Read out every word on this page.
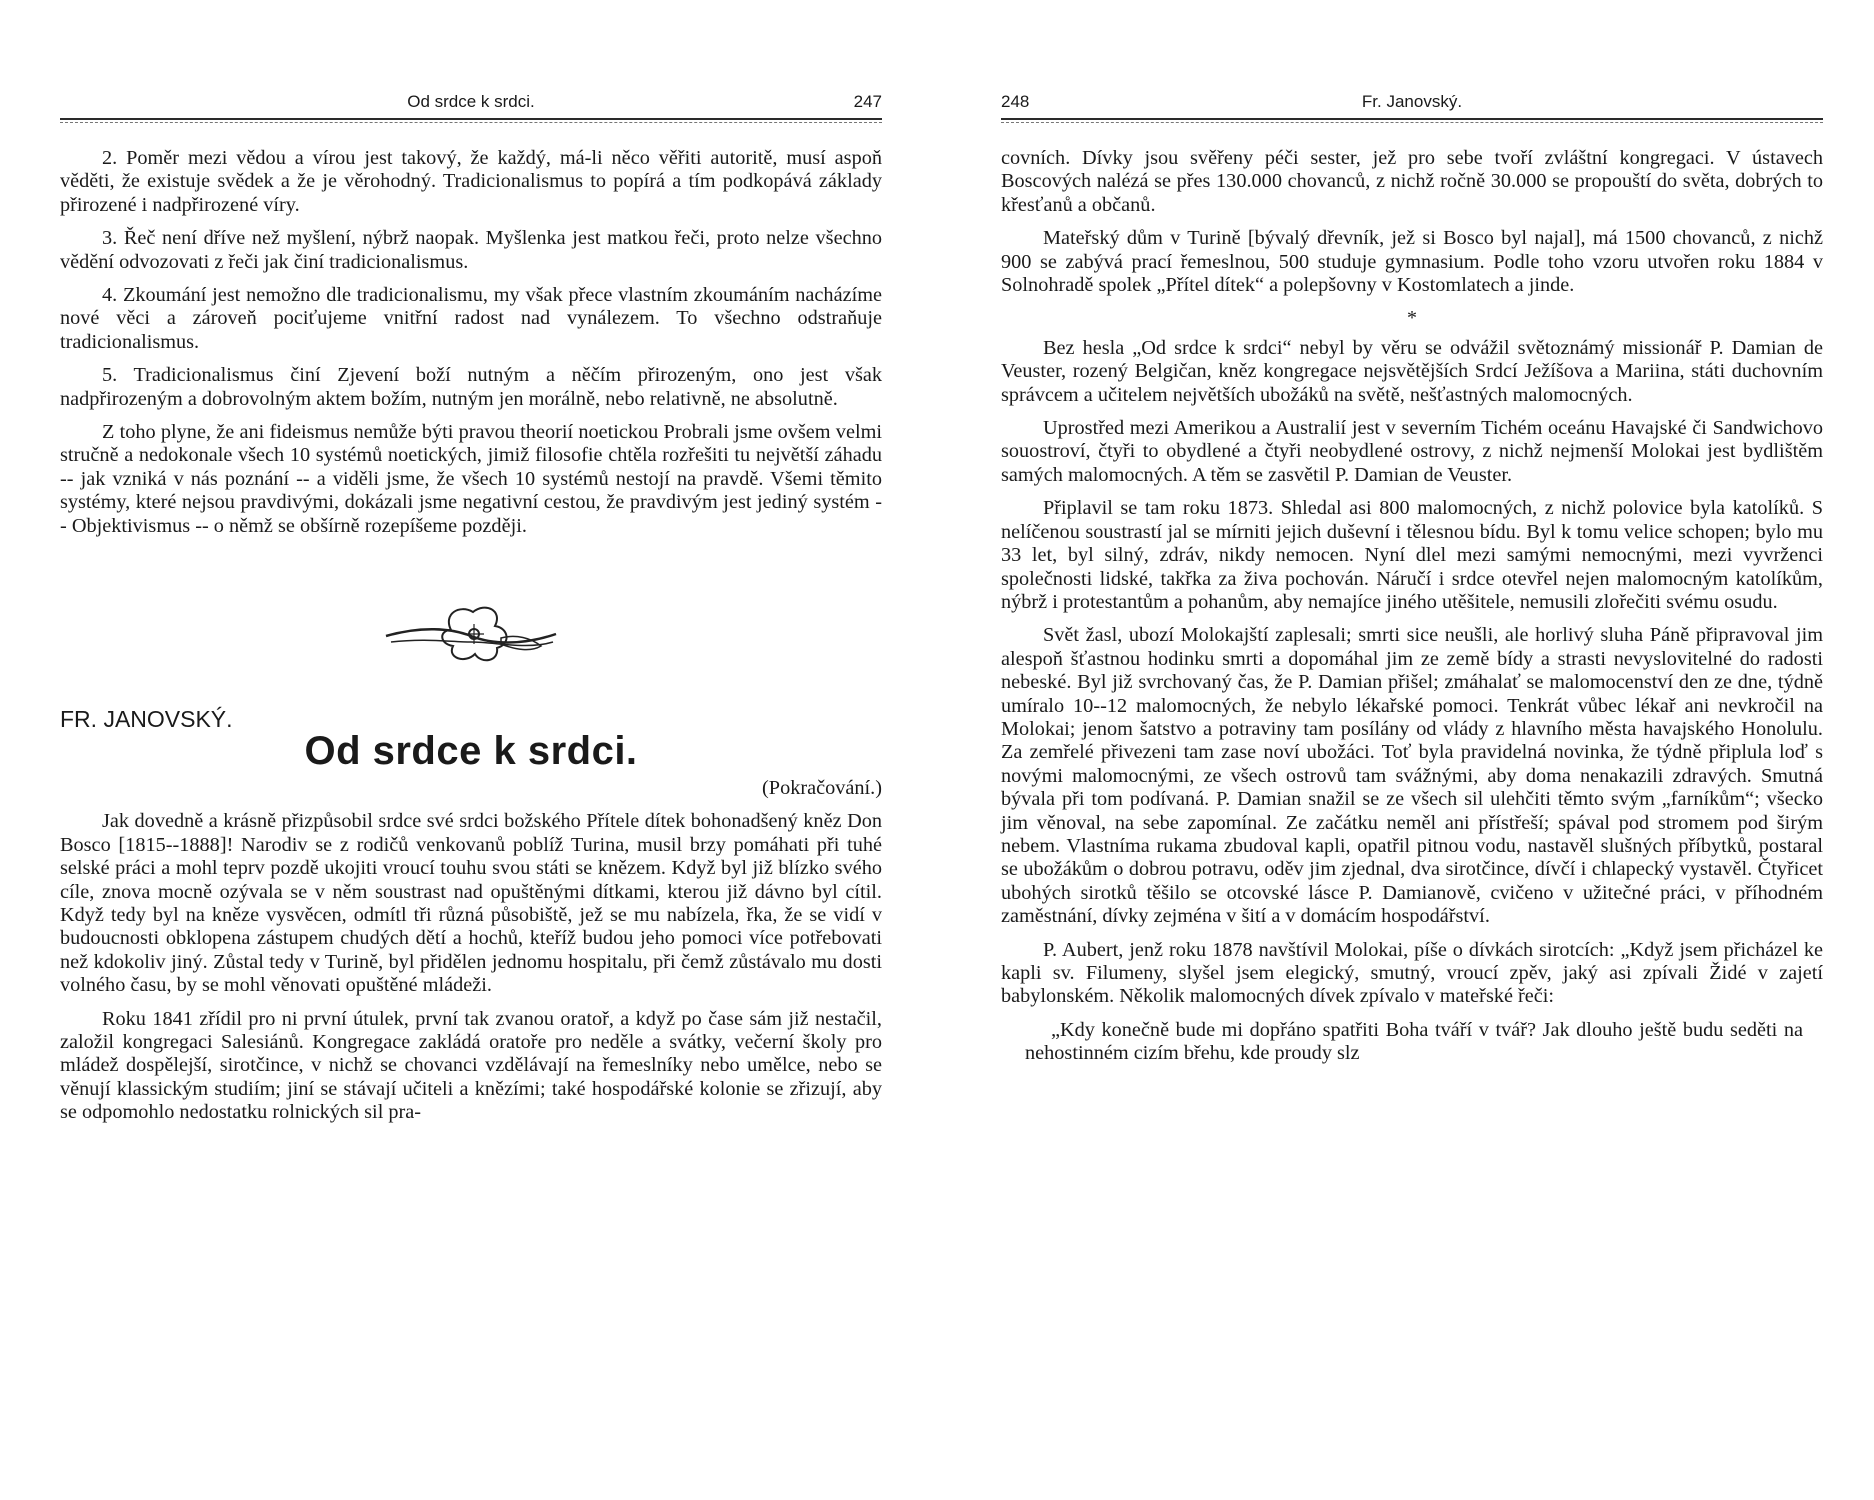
Od srdce k srdci.	247

2. Poměr mezi vědou a vírou jest takový, že každý, má-li něco věřiti autoritě, musí aspoň věděti, že existuje svědek a že je věrohodný. Tradicionalismus to popírá a tím podkopává základy přirozené i nadpřirozené víry.

3. Řeč není dříve než myšlení, nýbrž naopak. Myšlenka jest matkou řeči, proto nelze všechno vědění odvozovati z řeči jak činí tradicionalismus.

4. Zkoumání jest nemožno dle tradicionalismu, my však přece vlastním zkoumáním nacházíme nové věci a zároveň pociťujeme vnitřní radost nad vynálezem. To všechno odstraňuje tradicionalismus.

5. Tradicionalismus činí Zjevení boží nutným a něčím přirozeným, ono jest však nadpřirozeným a dobrovolným aktem božím, nutným jen morálně, nebo relativně, ne absolutně.

Z toho plyne, že ani fideismus nemůže býti pravou theorií noetickou Probrali jsme ovšem velmi stručně a nedokonale všech 10 systémů noetických, jimiž filosofie chtěla rozřešiti tu největší záhadu -- jak vzniká v nás poznání -- a viděli jsme, že všech 10 systémů nestojí na pravdě. Všemi těmito systémy, které nejsou pravdivými, dokázali jsme negativní cestou, že pravdivým jest jediný systém -- Objektivismus -- o němž se obšírně rozepíšeme později.

FR. JANOVSKÝ.

Od srdce k srdci.

(Pokračování.)

Jak dovedně a krásně přizpůsobil srdce své srdci božského Přítele dítek bohonadšený kněz Don Bosco [1815--1888]! Narodiv se z rodičů venkovanů poblíž Turina, musil brzy pomáhati při tuhé selské práci a mohl teprv pozdě ukojiti vroucí touhu svou státi se knězem. Když byl již blízko svého cíle, znova mocně ozývala se v něm soustrast nad opuštěnými dítkami, kterou již dávno byl cítil. Když tedy byl na kněze vysvěcen, odmítl tři různá působiště, jež se mu nabízela, řka, že se vidí v budoucnosti obklopena zástupem chudých dětí a hochů, kteříž budou jeho pomoci více potřebovati než kdokoliv jiný. Zůstal tedy v Turině, byl přidělen jednomu hospitalu, při čemž zůstávalo mu dosti volného času, by se mohl věnovati opuštěné mládeži.

Roku 1841 zřídil pro ni první útulek, první tak zvanou oratoř, a když po čase sám již nestačil, založil kongregaci Salesiánů. Kongregace zakládá oratoře pro neděle a svátky, večerní školy pro mládež dospělejší, sirotčince, v nichž se chovanci vzdělávají na řemeslníky nebo umělce, nebo se věnují klassickým studiím; jiní se stávají učiteli a knězími; také hospodářské kolonie se zřizují, aby se odpomohlo nedostatku rolnických sil pra-

248	Fr. Janovský.

covních. Dívky jsou svěřeny péči sester, jež pro sebe tvoří zvláštní kongregaci. V ústavech Boscových nalézá se přes 130.000 chovanců, z nichž ročně 30.000 se propouští do světa, dobrých to křesťanů a občanů.

Mateřský dům v Turině [bývalý dřevník, jež si Bosco byl najal], má 1500 chovanců, z nichž 900 se zabývá prací řemeslnou, 500 studuje gymnasium. Podle toho vzoru utvořen roku 1884 v Solnohradě spolek „Přítel dítek“ a polepšovny v Kostomlatech a jinde.

*

Bez hesla „Od srdce k srdci“ nebyl by věru se odvážil světoznámý missionář P. Damian de Veuster, rozený Belgičan, kněz kongregace nejsvětějších Srdcí Ježíšova a Mariina, státi duchovním správcem a učitelem největších ubožáků na světě, nešťastných malomocných.

Uprostřed mezi Amerikou a Australií jest v severním Tichém oceánu Havajské či Sandwichovo souostroví, čtyři to obydlené a čtyři neobydlené ostrovy, z nichž nejmenší Molokai jest bydlištěm samých malomocných. A těm se zasvětil P. Damian de Veuster.

Připlavil se tam roku 1873. Shledal asi 800 malomocných, z nichž polovice byla katolíků. S nelíčenou soustrastí jal se mírniti jejich duševní i tělesnou bídu. Byl k tomu velice schopen; bylo mu 33 let, byl silný, zdráv, nikdy nemocen. Nyní dlel mezi samými nemocnými, mezi vyvrženci společnosti lidské, takřka za živa pochován. Náručí i srdce otevřel nejen malomocným katolíkům, nýbrž i protestantům a pohanům, aby nemajíce jiného utěšitele, nemusili zlořečiti svému osudu.

Svět žasl, ubozí Molokajští zaplesali; smrti sice neušli, ale horlivý sluha Páně připravoval jim alespoň šťastnou hodinku smrti a dopomáhal jim ze země bídy a strasti nevyslovitelné do radosti nebeské. Byl již svrchovaný čas, že P. Damian přišel; zmáhalať se malomocenství den ze dne, týdně umíralo 10--12 malomocných, že nebylo lékařské pomoci. Tenkrát vůbec lékař ani nevkročil na Molokai; jenom šatstvo a potraviny tam posílány od vlády z hlavního města havajského Honolulu. Za zemřelé přivezeni tam zase noví ubožáci. Toť byla pravidelná novinka, že týdně připlula loď s novými malomocnými, ze všech ostrovů tam svážnými, aby doma nenakazili zdravých. Smutná bývala při tom podívaná. P. Damian snažil se ze všech sil ulehčiti těmto svým „farníkům“; všecko jim věnoval, na sebe zapomínal. Ze začátku neměl ani přístřeší; spával pod stromem pod širým nebem. Vlastníma rukama zbudoval kapli, opatřil pitnou vodu, nastavěl slušných příbytků, postaral se ubožákům o dobrou potravu, oděv jim zjednal, dva sirotčince, dívčí i chlapecký vystavěl. Čtyřicet ubohých sirotků těšilo se otcovské lásce P. Damianově, cvičeno v užitečné práci, v příhodném zaměstnání, dívky zejména v šití a v domácím hospodářství.

P. Aubert, jenž roku 1878 navštívil Molokai, píše o dívkách sirotcích: „Když jsem přicházel ke kapli sv. Filumeny, slyšel jsem elegický, smutný, vroucí zpěv, jaký asi zpívali Židé v zajetí babylonském. Několik malomocných dívek zpívalo v mateřské řeči:

„Kdy konečně bude mi dopřáno spatřiti Boha tváří v tvář? Jak dlouho ještě budu seděti na nehostinném cizím břehu, kde proudy slz
